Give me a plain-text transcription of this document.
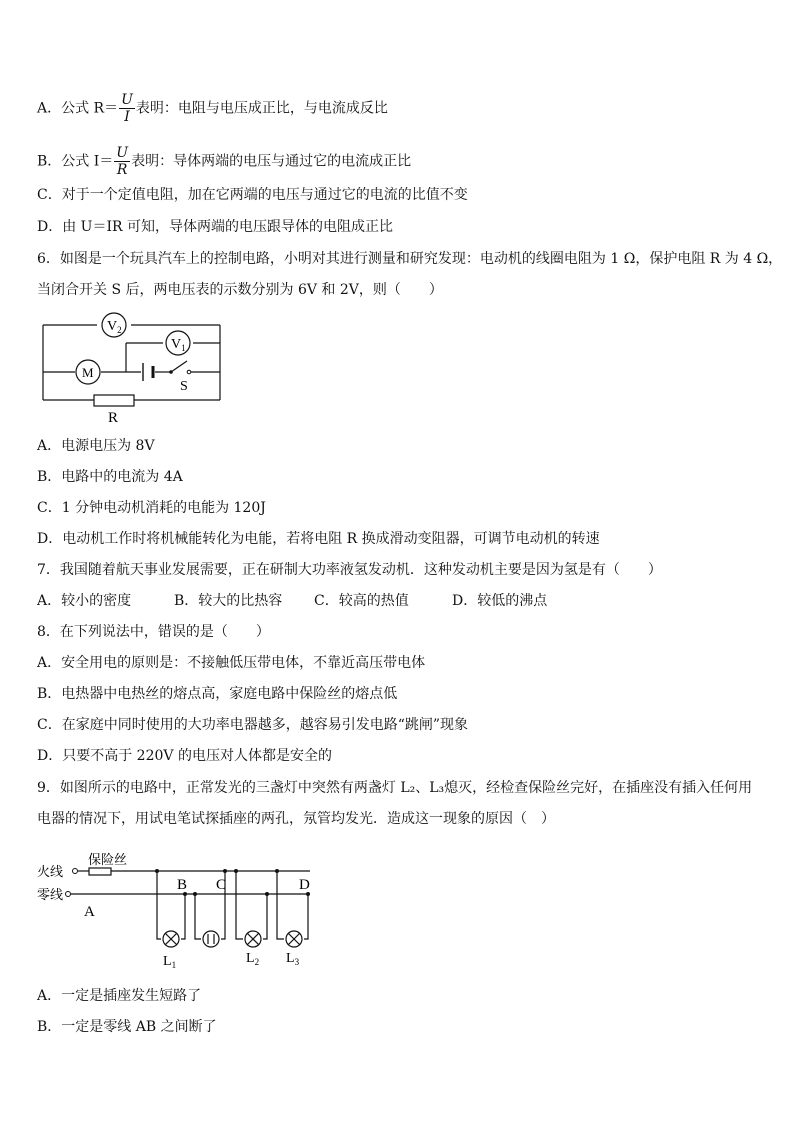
A．公式 $R= \frac{U}{I}$ 表明：电阻与电压成正比，与电流成反比
B．公式 $I= \frac{U}{R}$ 表明：导体两端的电压与通过它的电流成正比
C．对于一个定值电阻，加在它两端的电压与通过它的电流的比值不变
D．由 U＝IR 可知，导体两端的电压跟导体的电阻成正比
6．如图是一个玩具汽车上的控制电路，小明对其进行测量和研究发现：电动机的线圈电阻为 1 Ω，保护电阻 R 为 4 Ω，
当闭合开关 S 后，两电压表的示数分别为 6V 和 2V，则（　　）
$V_2$
$V_1$
M
S
R
A．电源电压为 8V
B．电路中的电流为 4A
C．1 分钟电动机消耗的电能为 120J
D．电动机工作时将机械能转化为电能，若将电阻 R 换成滑动变阻器，可调节电动机的转速
7．我国随着航天事业发展需要，正在研制大功率液氢发动机．这种发动机主要是因为氢是有（　　）
A．较小的密度	B．较大的比热容 C．较高的热值	D．较低的沸点
8．在下列说法中，错误的是（　　）
A．安全用电的原则是：不接触低压带电体，不靠近高压带电体
B．电热器中电热丝的熔点高，家庭电路中保险丝的熔点低
C．在家庭中同时使用的大功率电器越多，越容易引发电路“跳闸”现象
D．只要不高于 220V 的电压对人体都是安全的
9．如图所示的电路中，正常发光的三盏灯中突然有两盏灯 L₂、L₃熄灭，经检查保险丝完好，在插座没有插入任何用
电器的情况下，用试电笔试探插座的两孔，氖管均发光．造成这一现象的原因（　）
火线
零线
保险丝
A
B C	D
$L_1$	$L_2$ $L_3$
A．一定是插座发生短路了
B．一定是零线 AB 之间断了
